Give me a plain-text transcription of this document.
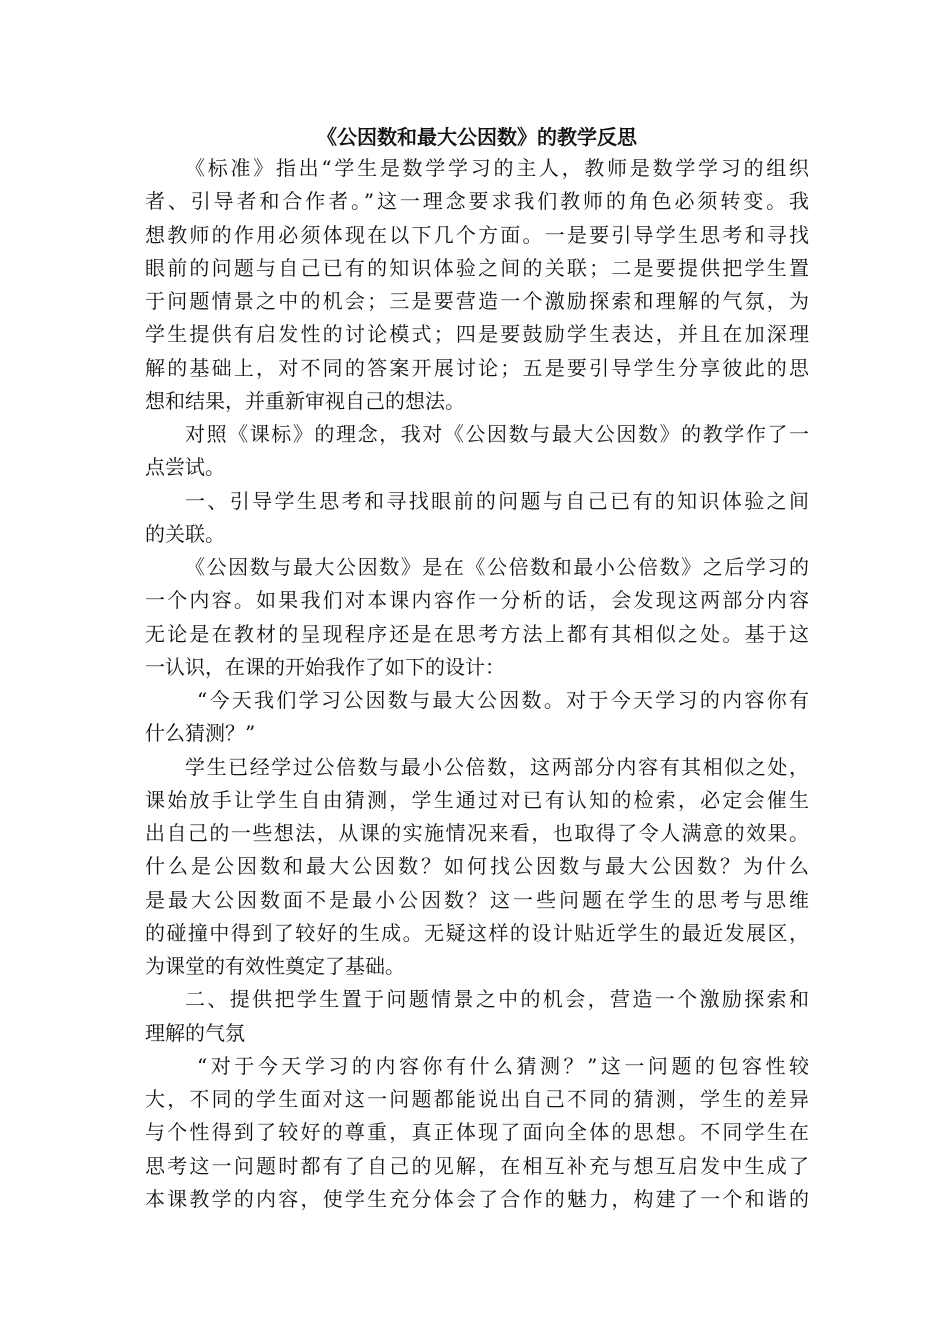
《公因数和最大公因数》的教学反思
《标准》指出“学生是数学学习的主人，教师是数学学习的组织
者、引导者和合作者。”这一理念要求我们教师的角色必须转变。我
想教师的作用必须体现在以下几个方面。一是要引导学生思考和寻找
眼前的问题与自己已有的知识体验之间的关联；二是要提供把学生置
于问题情景之中的机会；三是要营造一个激励探索和理解的气氛，为
学生提供有启发性的讨论模式；四是要鼓励学生表达，并且在加深理
解的基础上，对不同的答案开展讨论；五是要引导学生分享彼此的思
想和结果，并重新审视自己的想法。
对照《课标》的理念，我对《公因数与最大公因数》的教学作了一
点尝试。
一、引导学生思考和寻找眼前的问题与自己已有的知识体验之间
的关联。
《公因数与最大公因数》是在《公倍数和最小公倍数》之后学习的
一个内容。如果我们对本课内容作一分析的话，会发现这两部分内容
无论是在教材的呈现程序还是在思考方法上都有其相似之处。基于这
一认识，在课的开始我作了如下的设计：
“今天我们学习公因数与最大公因数。对于今天学习的内容你有
什么猜测？”
学生已经学过公倍数与最小公倍数，这两部分内容有其相似之处，
课始放手让学生自由猜测，学生通过对已有认知的检索，必定会催生
出自己的一些想法，从课的实施情况来看，也取得了令人满意的效果。
什么是公因数和最大公因数？如何找公因数与最大公因数？为什么
是最大公因数面不是最小公因数？这一些问题在学生的思考与思维
的碰撞中得到了较好的生成。无疑这样的设计贴近学生的最近发展区，
为课堂的有效性奠定了基础。
二、提供把学生置于问题情景之中的机会，营造一个激励探索和
理解的气氛
“对于今天学习的内容你有什么猜测？”这一问题的包容性较
大，不同的学生面对这一问题都能说出自己不同的猜测，学生的差异
与个性得到了较好的尊重，真正体现了面向全体的思想。不同学生在
思考这一问题时都有了自己的见解，在相互补充与想互启发中生成了
本课教学的内容，使学生充分体会了合作的魅力，构建了一个和谐的
